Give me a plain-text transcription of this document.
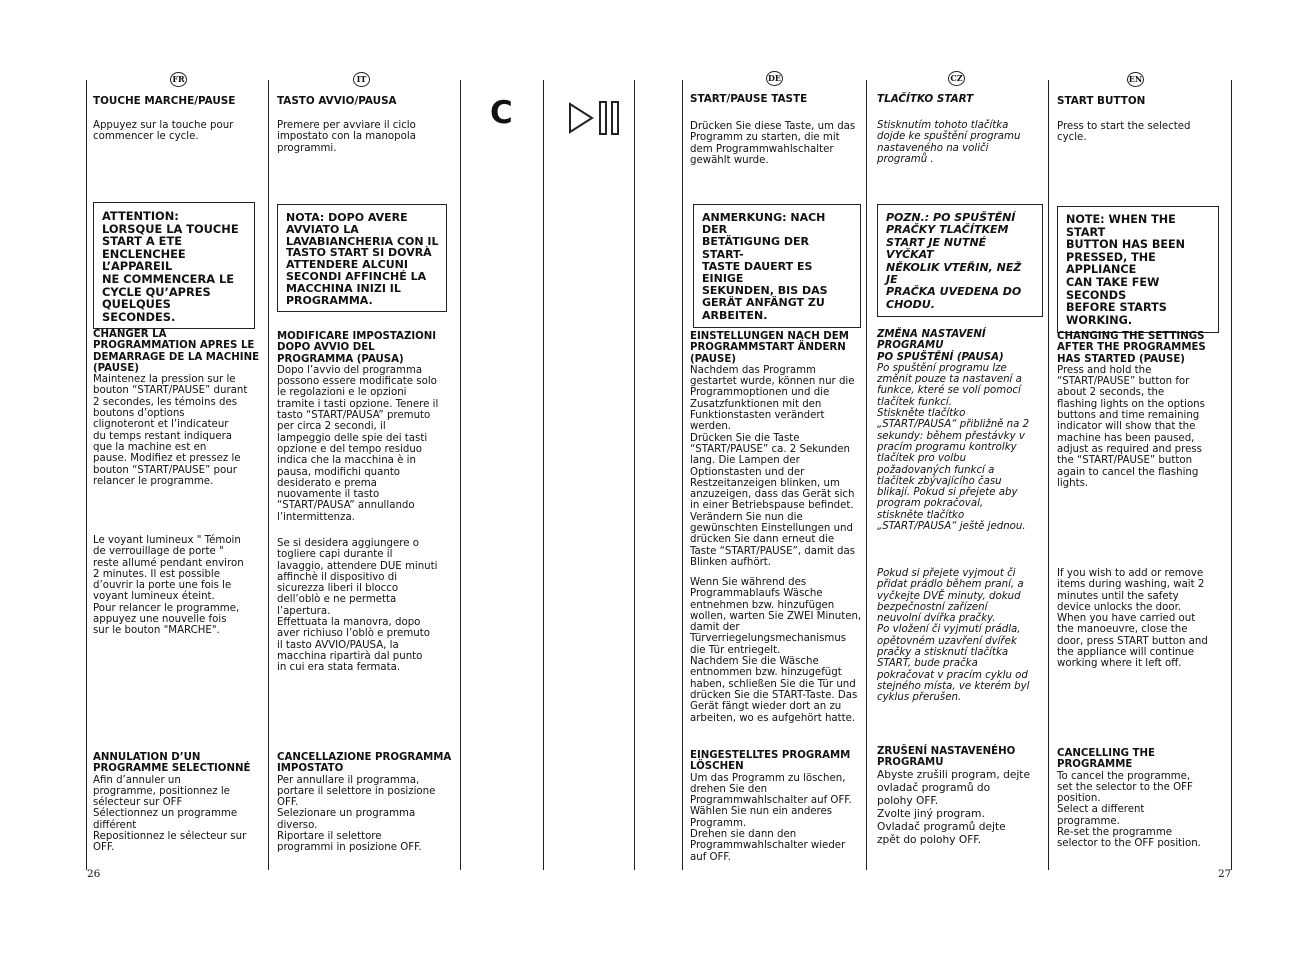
FR	IT	DE	CZ	EN
C

TOUCHE MARCHE/PAUSE

Appuyez sur la touche pour
commencer le cycle.

ATTENTION:
LORSQUE LA TOUCHE
START A ETE
ENCLENCHEE L’APPAREIL
NE COMMENCERA LE
CYCLE QU’APRES
QUELQUES SECONDES.

CHANGER LA
PROGRAMMATION APRES LE
DEMARRAGE DE LA MACHINE
(PAUSE)

Maintenez la pression sur le
bouton “START/PAUSE” durant
2 secondes, les témoins des
boutons d’options
clignoteront et l’indicateur
du temps restant indiquera
que la machine est en
pause. Modifiez et pressez le
bouton “START/PAUSE” pour
relancer le programme.

Le voyant lumineux " Témoin
de verrouillage de porte "
reste allumé pendant environ
2 minutes. Il est possible
d’ouvrir la porte une fois le
voyant lumineux éteint.
Pour relancer le programme,
appuyez une nouvelle fois
sur le bouton "MARCHE".

ANNULATION D’UN
PROGRAMME SELECTIONNÉ

Afin d’annuler un
programme, positionnez le
sélecteur sur OFF
Sélectionnez un programme
différent
Repositionnez le sélecteur sur
OFF.

TASTO AVVIO/PAUSA

Premere per avviare il ciclo
impostato con la manopola
programmi.

NOTA: DOPO AVERE
AVVIATO LA
LAVABIANCHERIA CON IL
TASTO START SI DOVRÀ
ATTENDERE ALCUNI
SECONDI AFFINCHÉ LA
MACCHINA INIZI IL
PROGRAMMA.

MODIFICARE IMPOSTAZIONI
DOPO AVVIO DEL
PROGRAMMA (PAUSA)

Dopo l’avvio del programma
possono essere modificate solo
le regolazioni e le opzioni
tramite i tasti opzione. Tenere il
tasto “START/PAUSA” premuto
per circa 2 secondi, il
lampeggio delle spie dei tasti
opzione e del tempo residuo
indica che la macchina è in
pausa, modifichi quanto
desiderato e prema
nuovamente il tasto
“START/PAUSA” annullando
l’intermittenza.

Se si desidera aggiungere o
togliere capi durante il
lavaggio, attendere DUE minuti
affinchè il dispositivo di
sicurezza liberi il blocco
dell’oblò e ne permetta
l’apertura.
Effettuata la manovra, dopo
aver richiuso l’oblò e premuto
il tasto AVVIO/PAUSA, la
macchina ripartirà dal punto
in cui era stata fermata.

CANCELLAZIONE PROGRAMMA
IMPOSTATO

Per annullare il programma,
portare il selettore in posizione
OFF.
Selezionare un programma
diverso.
Riportare il selettore
programmi in posizione OFF.

START/PAUSE TASTE

Drücken Sie diese Taste, um das
Programm zu starten, die mit
dem Programmwahlschalter
gewählt wurde.

ANMERKUNG: NACH DER
BETÄTIGUNG DER START-
TASTE DAUERT ES EINIGE
SEKUNDEN, BIS DAS
GERÄT ANFÄNGT ZU
ARBEITEN.

EINSTELLUNGEN NACH DEM
PROGRAMMSTART ÄNDERN
(PAUSE)

Nachdem das Programm
gestartet wurde, können nur die
Programmoptionen und die
Zusatzfunktionen mit den
Funktionstasten verändert
werden.
Drücken Sie die Taste
“START/PAUSE” ca. 2 Sekunden
lang. Die Lampen der
Optionstasten und der
Restzeitanzeigen blinken, um
anzuzeigen, dass das Gerät sich
in einer Betriebspause befindet.
Verändern Sie nun die
gewünschten Einstellungen und
drücken Sie dann erneut die
Taste “START/PAUSE”, damit das
Blinken aufhört.

Wenn Sie während des
Programmablaufs Wäsche
entnehmen bzw. hinzufügen
wollen, warten Sie ZWEI Minuten,
damit der
Türverriegelungsmechanismus
die Tür entriegelt.
Nachdem Sie die Wäsche
entnommen bzw. hinzugefügt
haben, schließen Sie die Tür und
drücken Sie die START-Taste. Das
Gerät fängt wieder dort an zu
arbeiten, wo es aufgehört hatte.

EINGESTELLTES PROGRAMM
LÖSCHEN

Um das Programm zu löschen,
drehen Sie den
Programmwahlschalter auf OFF.
Wählen Sie nun ein anderes
Programm.
Drehen sie dann den
Programmwahlschalter wieder
auf OFF.

TLAČÍTKO START

Stisknutím tohoto tlačítka
dojde ke spuštění programu
nastaveného na voliči
programů .

POZN.: PO SPUŠTĚNÍ
PRAČKY TLAČÍTKEM
START JE NUTNÉ VYČKAT
NĚKOLIK VTEŘIN, NEŽ JE
PRAČKA UVEDENA DO
CHODU.

ZMĚNA NASTAVENÍ PROGRAMU
PO SPUŠTĚNÍ (PAUSA)

Po spuštění programu lze
změnit pouze ta nastavení a
funkce, které se volí pomocí
tlačítek funkcí.
Stiskněte tlačítko
„START/PAUSA“ přibližně na 2
sekundy: během přestávky v
pracím programu kontrolky
tlačítek pro volbu
požadovaných funkcí a
tlačítek zbývajícího času
blikají. Pokud si přejete aby
program pokračoval,
stiskněte tlačítko
„START/PAUSA“ ještě jednou.

Pokud si přejete vyjmout či
přidat prádlo během praní, a
vyčkejte DVĚ minuty, dokud
bezpečnostní zařízení
neuvolní dvířka pračky.
Po vložení či vyjmutí prádla,
opětovném uzavření dvířek
pračky a stisknutí tlačítka
START, bude pračka
pokračovat v pracím cyklu od
stejného místa, ve kterém byl
cyklus přerušen.

ZRUŠENÍ NASTAVENÉHO
PROGRAMU

Abyste zrušili program, dejte
ovladač programů do
polohy OFF.
Zvolte jiný program.
Ovladač programů dejte
zpět do polohy OFF.

START BUTTON

Press to start the selected
cycle.

NOTE: WHEN THE START
BUTTON HAS BEEN
PRESSED, THE APPLIANCE
CAN TAKE FEW SECONDS
BEFORE STARTS
WORKING.

CHANGING THE SETTINGS
AFTER THE PROGRAMMES
HAS STARTED (PAUSE)

Press and hold the
“START/PAUSE” button for
about 2 seconds, the
flashing lights on the options
buttons and time remaining
indicator will show that the
machine has been paused,
adjust as required and press
the “START/PAUSE” button
again to cancel the flashing
lights.

If you wish to add or remove
items during washing, wait 2
minutes until the safety
device unlocks the door.
When you have carried out
the manoeuvre, close the
door, press START button and
the appliance will continue
working where it left off.

CANCELLING THE
PROGRAMME

To cancel the programme,
set the selector to the OFF
position.
Select a different
programme.
Re-set the programme
selector to the OFF position.

26	27
